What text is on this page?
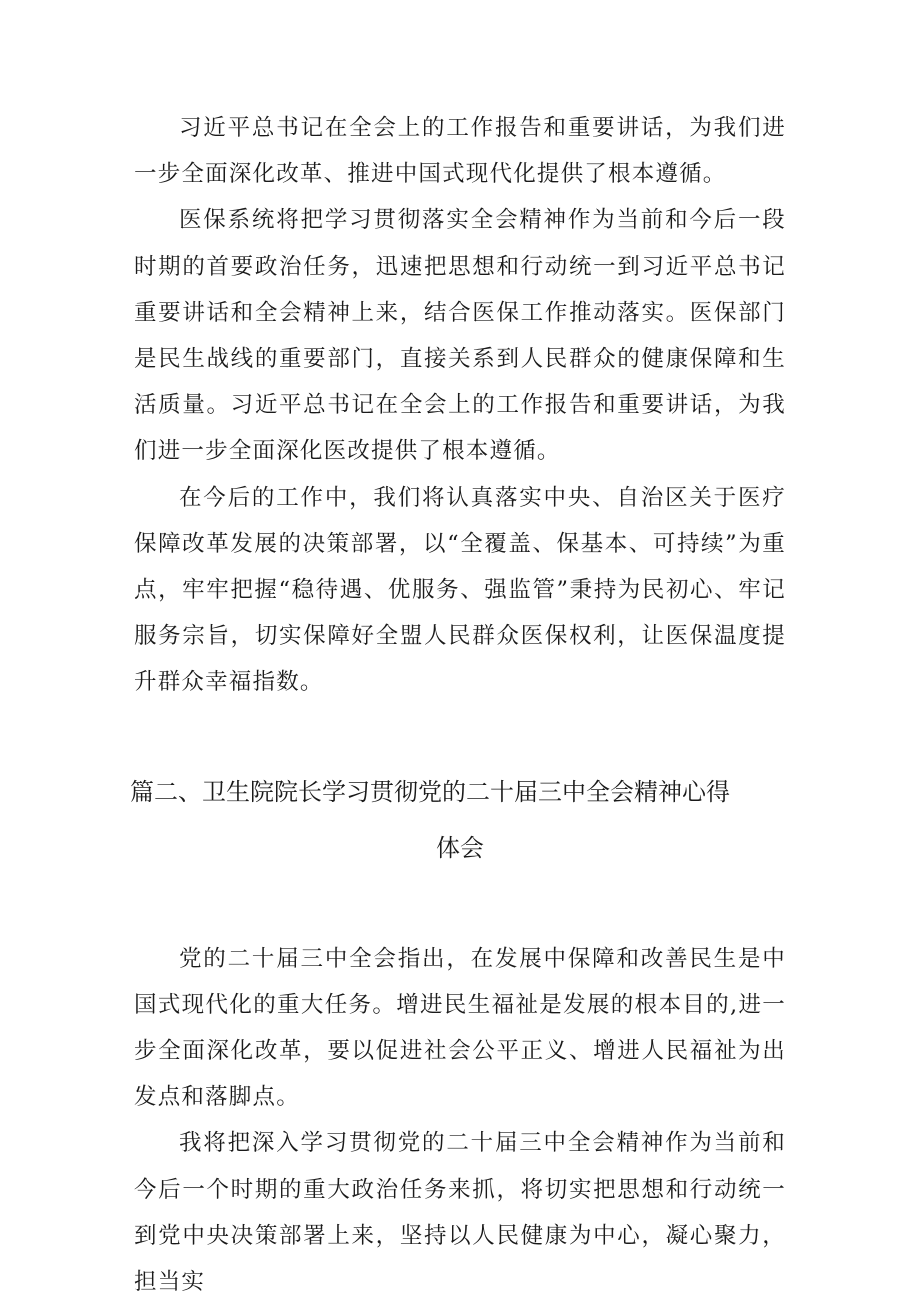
习近平总书记在全会上的工作报告和重要讲话，为我们进一步全面深化改革、推进中国式现代化提供了根本遵循。

医保系统将把学习贯彻落实全会精神作为当前和今后一段时期的首要政治任务，迅速把思想和行动统一到习近平总书记重要讲话和全会精神上来，结合医保工作推动落实。医保部门是民生战线的重要部门，直接关系到人民群众的健康保障和生活质量。习近平总书记在全会上的工作报告和重要讲话，为我们进一步全面深化医改提供了根本遵循。

在今后的工作中，我们将认真落实中央、自治区关于医疗保障改革发展的决策部署，以“全覆盖、保基本、可持续”为重点，牢牢把握“稳待遇、优服务、强监管”秉持为民初心、牢记服务宗旨，切实保障好全盟人民群众医保权利，让医保温度提升群众幸福指数。

篇二、卫生院院长学习贯彻党的二十届三中全会精神心得
体会

党的二十届三中全会指出，在发展中保障和改善民生是中国式现代化的重大任务。增进民生福祉是发展的根本目的,进一步全面深化改革，要以促进社会公平正义、增进人民福祉为出发点和落脚点。

我将把深入学习贯彻党的二十届三中全会精神作为当前和今后一个时期的重大政治任务来抓，将切实把思想和行动统一到党中央决策部署上来，坚持以人民健康为中心，凝心聚力，担当实
